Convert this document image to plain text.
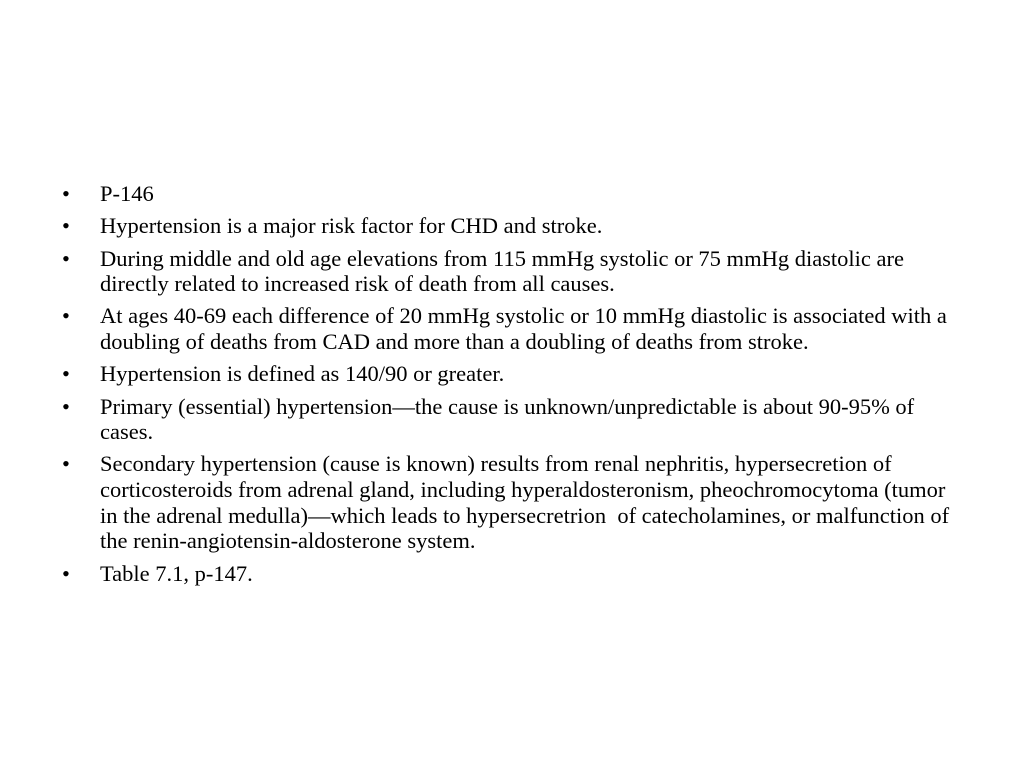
• P-146
• Hypertension is a major risk factor for CHD and stroke.
• During middle and old age elevations from 115 mmHg systolic or 75 mmHg diastolic are directly related to increased risk of death from all causes.
• At ages 40-69 each difference of 20 mmHg systolic or 10 mmHg diastolic is associated with a doubling of deaths from CAD and more than a doubling of deaths from stroke.
• Hypertension is defined as 140/90 or greater.
• Primary (essential) hypertension—the cause is unknown/unpredictable is about 90-95% of cases.
• Secondary hypertension (cause is known) results from renal nephritis, hypersecretion of corticosteroids from adrenal gland, including hyperaldosteronism, pheochromocytoma (tumor in the adrenal medulla)—which leads to hypersecretrion  of catecholamines, or malfunction of the renin-angiotensin-aldosterone system.
• Table 7.1, p-147.
